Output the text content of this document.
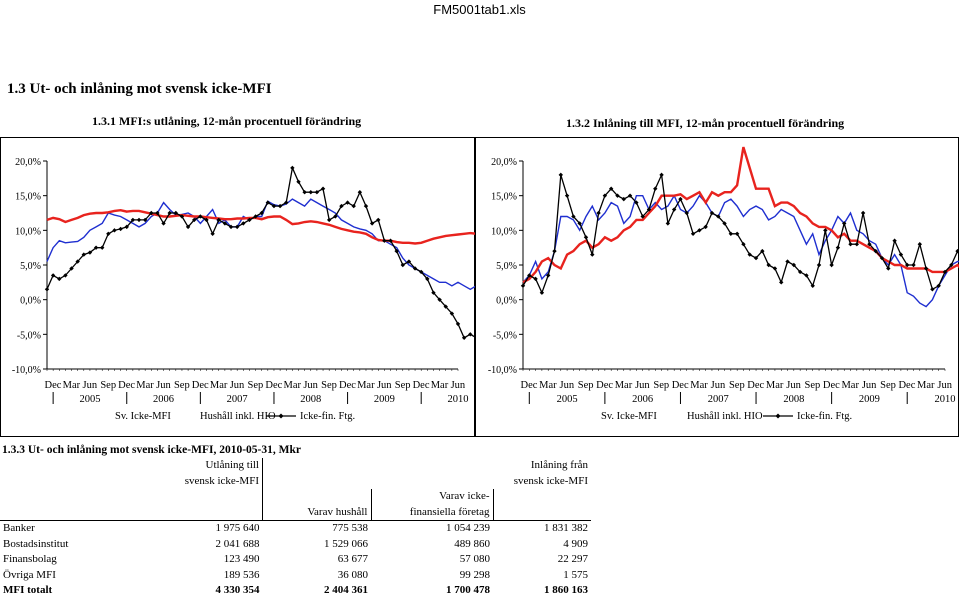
FM5001tab1.xls
1.3 Ut- och inlåning mot svensk icke-MFI
1.3.1 MFI:s utlåning, 12-mån procentuell förändring	1.3.2 Inlåning till MFI, 12-mån procentuell förändring
20,0%
15,0%
10,0%
5,0%
0,0%
-5,0%
-10,0%
Dec Mar Jun Sep Dec Mar Jun Sep Dec Mar Jun Sep Dec Mar Jun Sep Dec Mar Jun Sep Dec Mar Jun
2005	2006	2007	2008	2009	2010
Sv. Icke-MFI	Hushåll inkl. HIO Icke-fin. Ftg.
20,0%
15,0%
10,0%
5,0%
0,0%
-5,0%
-10,0%
Dec Mar Jun Sep Dec Mar Jun Sep Dec Mar Jun Sep Dec Mar Jun Sep Dec Mar Jun Sep Dec Mar Jun
2005	2006	2007	2008	2009	2010
Sv. Icke-MFI	Hushåll inkl. HIO	Icke-fin. Ftg.
1.3.3 Ut- och inlåning mot svensk icke-MFI, 2010-05-31, Mkr
	Utlåning till			Inlåning från
	svensk icke-MFI			svensk icke-MFI
			Varav icke-	
		Varav hushåll	finansiella företag	
Banker	1 975 640	775 538	1 054 239	1 831 382
Bostadsinstitut	2 041 688	1 529 066	489 860	4 909
Finansbolag	123 490	63 677	57 080	22 297
Övriga MFI	189 536	36 080	99 298	1 575
MFI totalt	4 330 354	2 404 361	1 700 478	1 860 163
